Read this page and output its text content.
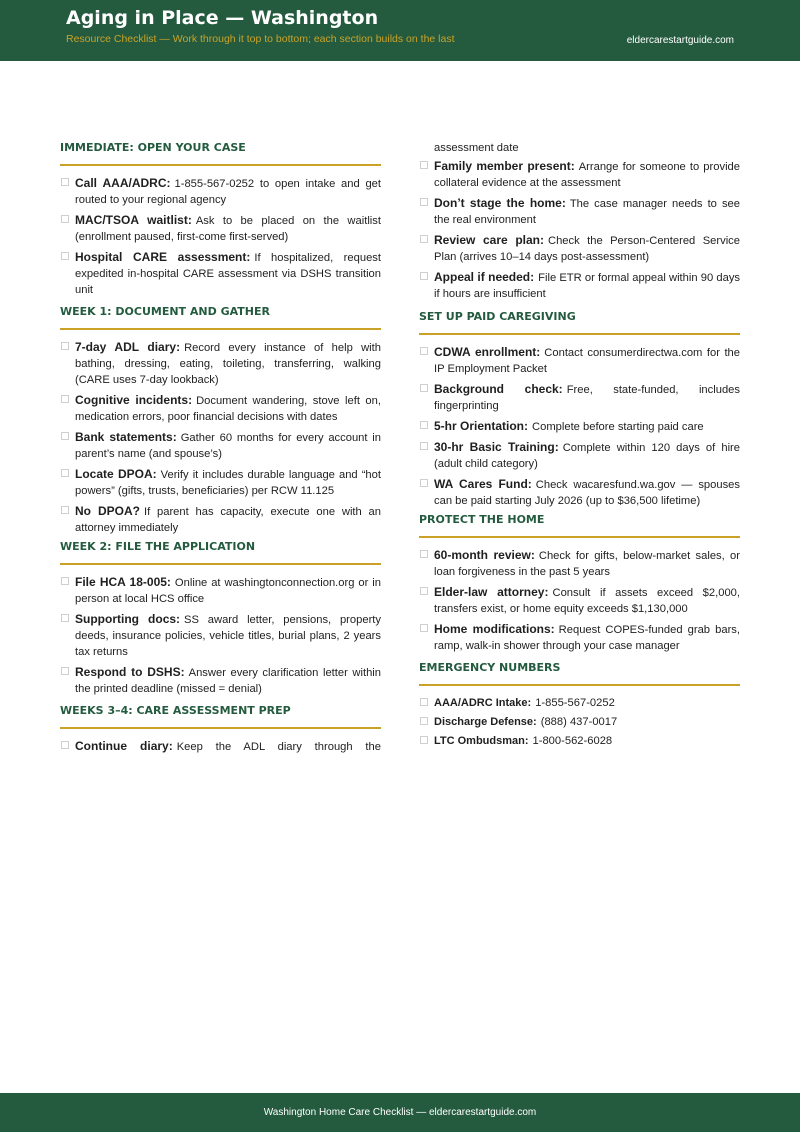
Aging in Place — Washington
Resource Checklist — Work through it top to bottom; each section builds on the last	eldercarestartguide.com
IMMEDIATE: OPEN YOUR CASE
Call AAA/ADRC: 1-855-567-0252 to open intake and get routed to your regional agency
MAC/TSOA waitlist: Ask to be placed on the waitlist (enrollment paused, first-come first-served)
Hospital CARE assessment: If hospitalized, request expedited in-hospital CARE assessment via DSHS transition unit
WEEK 1: DOCUMENT AND GATHER
7-day ADL diary: Record every instance of help with bathing, dressing, eating, toileting, transferring, walking (CARE uses 7-day lookback)
Cognitive incidents: Document wandering, stove left on, medication errors, poor financial decisions with dates
Bank statements: Gather 60 months for every account in parent’s name (and spouse’s)
Locate DPOA: Verify it includes durable language and “hot powers” (gifts, trusts, beneficiaries) per RCW 11.125
No DPOA? If parent has capacity, execute one with an attorney immediately
WEEK 2: FILE THE APPLICATION
File HCA 18-005: Online at washingtonconnection.org or in person at local HCS office
Supporting docs: SS award letter, pensions, property deeds, insurance policies, vehicle titles, burial plans, 2 years tax returns
Respond to DSHS: Answer every clarification letter within the printed deadline (missed = denial)
WEEKS 3–4: CARE ASSESSMENT PREP
Continue diary: Keep the ADL diary through the
assessment date
Family member present: Arrange for someone to provide collateral evidence at the assessment
Don’t stage the home: The case manager needs to see the real environment
Review care plan: Check the Person-Centered Service Plan (arrives 10–14 days post-assessment)
Appeal if needed: File ETR or formal appeal within 90 days if hours are insufficient
SET UP PAID CAREGIVING
CDWA enrollment: Contact consumerdirectwa.com for the IP Employment Packet
Background check: Free, state-funded, includes fingerprinting
5-hr Orientation: Complete before starting paid care
30-hr Basic Training: Complete within 120 days of hire (adult child category)
WA Cares Fund: Check wacaresfund.wa.gov — spouses can be paid starting July 2026 (up to $36,500 lifetime)
PROTECT THE HOME
60-month review: Check for gifts, below-market sales, or loan forgiveness in the past 5 years
Elder-law attorney: Consult if assets exceed $2,000, transfers exist, or home equity exceeds $1,130,000
Home modifications: Request COPES-funded grab bars, ramp, walk-in shower through your case manager
EMERGENCY NUMBERS
AAA/ADRC Intake: 1-855-567-0252
Discharge Defense: (888) 437-0017
LTC Ombudsman: 1-800-562-6028
Washington Home Care Checklist — eldercarestartguide.com
